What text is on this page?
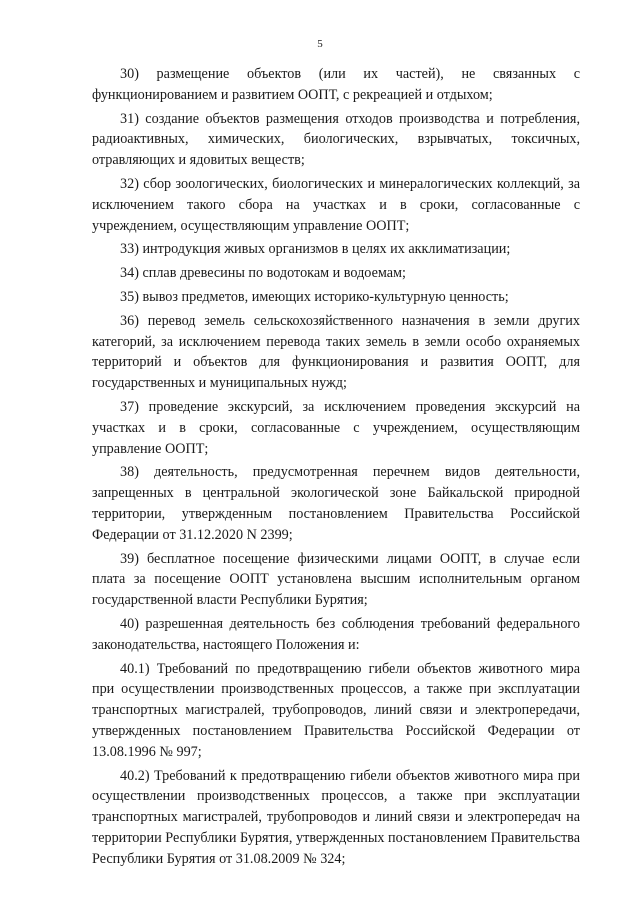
5

30) размещение объектов (или их частей), не связанных с функционированием и развитием ООПТ, с рекреацией и отдыхом;

31) создание объектов размещения отходов производства и потребления, радиоактивных, химических, биологических, взрывчатых, токсичных, отравляющих и ядовитых веществ;

32) сбор зоологических, биологических и минералогических коллекций, за исключением такого сбора на участках и в сроки, согласованные с учреждением, осуществляющим управление ООПТ;

33) интродукция живых организмов в целях их акклиматизации;

34) сплав древесины по водотокам и водоемам;

35) вывоз предметов, имеющих историко-культурную ценность;

36) перевод земель сельскохозяйственного назначения в земли других категорий, за исключением перевода таких земель в земли особо охраняемых территорий и объектов для функционирования и развития ООПТ, для государственных и муниципальных нужд;

37) проведение экскурсий, за исключением проведения экскурсий на участках и в сроки, согласованные с учреждением, осуществляющим управление ООПТ;

38) деятельность, предусмотренная перечнем видов деятельности, запрещенных в центральной экологической зоне Байкальской природной территории, утвержденным постановлением Правительства Российской Федерации от 31.12.2020 N 2399;

39) бесплатное посещение физическими лицами ООПТ, в случае если плата за посещение ООПТ установлена высшим исполнительным органом государственной власти Республики Бурятия;

40) разрешенная деятельность без соблюдения требований федерального законодательства, настоящего Положения и:

40.1) Требований по предотвращению гибели объектов животного мира при осуществлении производственных процессов, а также при эксплуатации транспортных магистралей, трубопроводов, линий связи и электропередачи, утвержденных постановлением Правительства Российской Федерации от 13.08.1996 № 997;

40.2) Требований к предотвращению гибели объектов животного мира при осуществлении производственных процессов, а также при эксплуатации транспортных магистралей, трубопроводов и линий связи и электропередач на территории Республики Бурятия, утвержденных постановлением Правительства Республики Бурятия от 31.08.2009 № 324;
